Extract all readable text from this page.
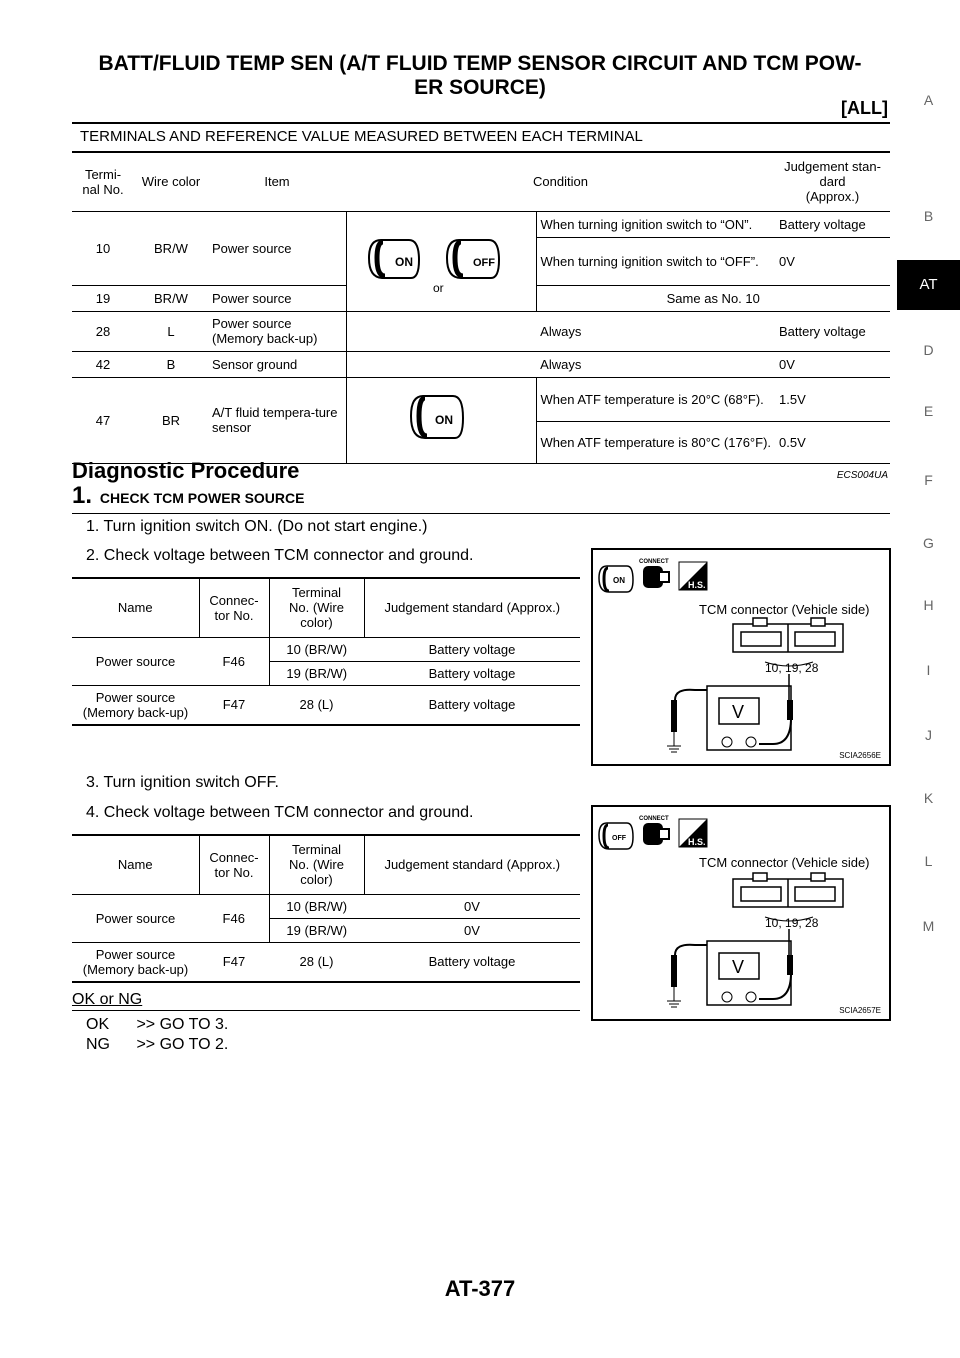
BATT/FLUID TEMP SEN (A/T FLUID TEMP SENSOR CIRCUIT AND TCM POW-
ER SOURCE)
[ALL]	A
B
AT
D
E
F
G
H
I
J
K
L
M
TERMINALS AND REFERENCE VALUE MEASURED BETWEEN EACH TERMINAL
Termi-
nal No.	Wire color	Item	Condition		Judgement stan-
dard
(Approx.)
10	BR/W	Power source	ON
or
OFF	When turning ignition switch to “ON”.	Battery voltage
				When turning ignition switch to “OFF”.	0V
19	BR/W	Power source		Same as No. 10	
28	L	Power source (Memory back-up)	Always		Battery voltage
42	B	Sensor ground	Always		0V
47	BR	A/T fluid tempera-ture sensor	ON	When ATF temperature is 20°C (68°F).	1.5V
				When ATF temperature is 80°C (176°F).	0.5V
Diagnostic Procedure	ECS004UA
1. CHECK TCM POWER SOURCE
1. Turn ignition switch ON. (Do not start engine.)
2. Check voltage between TCM connector and ground.
Name	Connec-
tor No.	Terminal
No. (Wire
color)	Judgement standard (Approx.)
Power source	F46	10 (BR/W)	Battery voltage
		19 (BR/W)	Battery voltage
Power source
(Memory back-up)	F47	28 (L)	Battery voltage
ON
CONNECT
H.S.
TCM connector (Vehicle side)
10, 19, 28
V
SCIA2656E
3. Turn ignition switch OFF.
4. Check voltage between TCM connector and ground.
Name	Connec-
tor No.	Terminal
No. (Wire
color)	Judgement standard (Approx.)
Power source	F46	10 (BR/W)	0V
		19 (BR/W)	0V
Power source
(Memory back-up)	F47	28 (L)	Battery voltage
OFF
CONNECT
H.S.
TCM connector (Vehicle side)
10, 19, 28
V
SCIA2657E
OK or NG
OK >> GO TO 3.
NG >> GO TO 2.
AT-377
